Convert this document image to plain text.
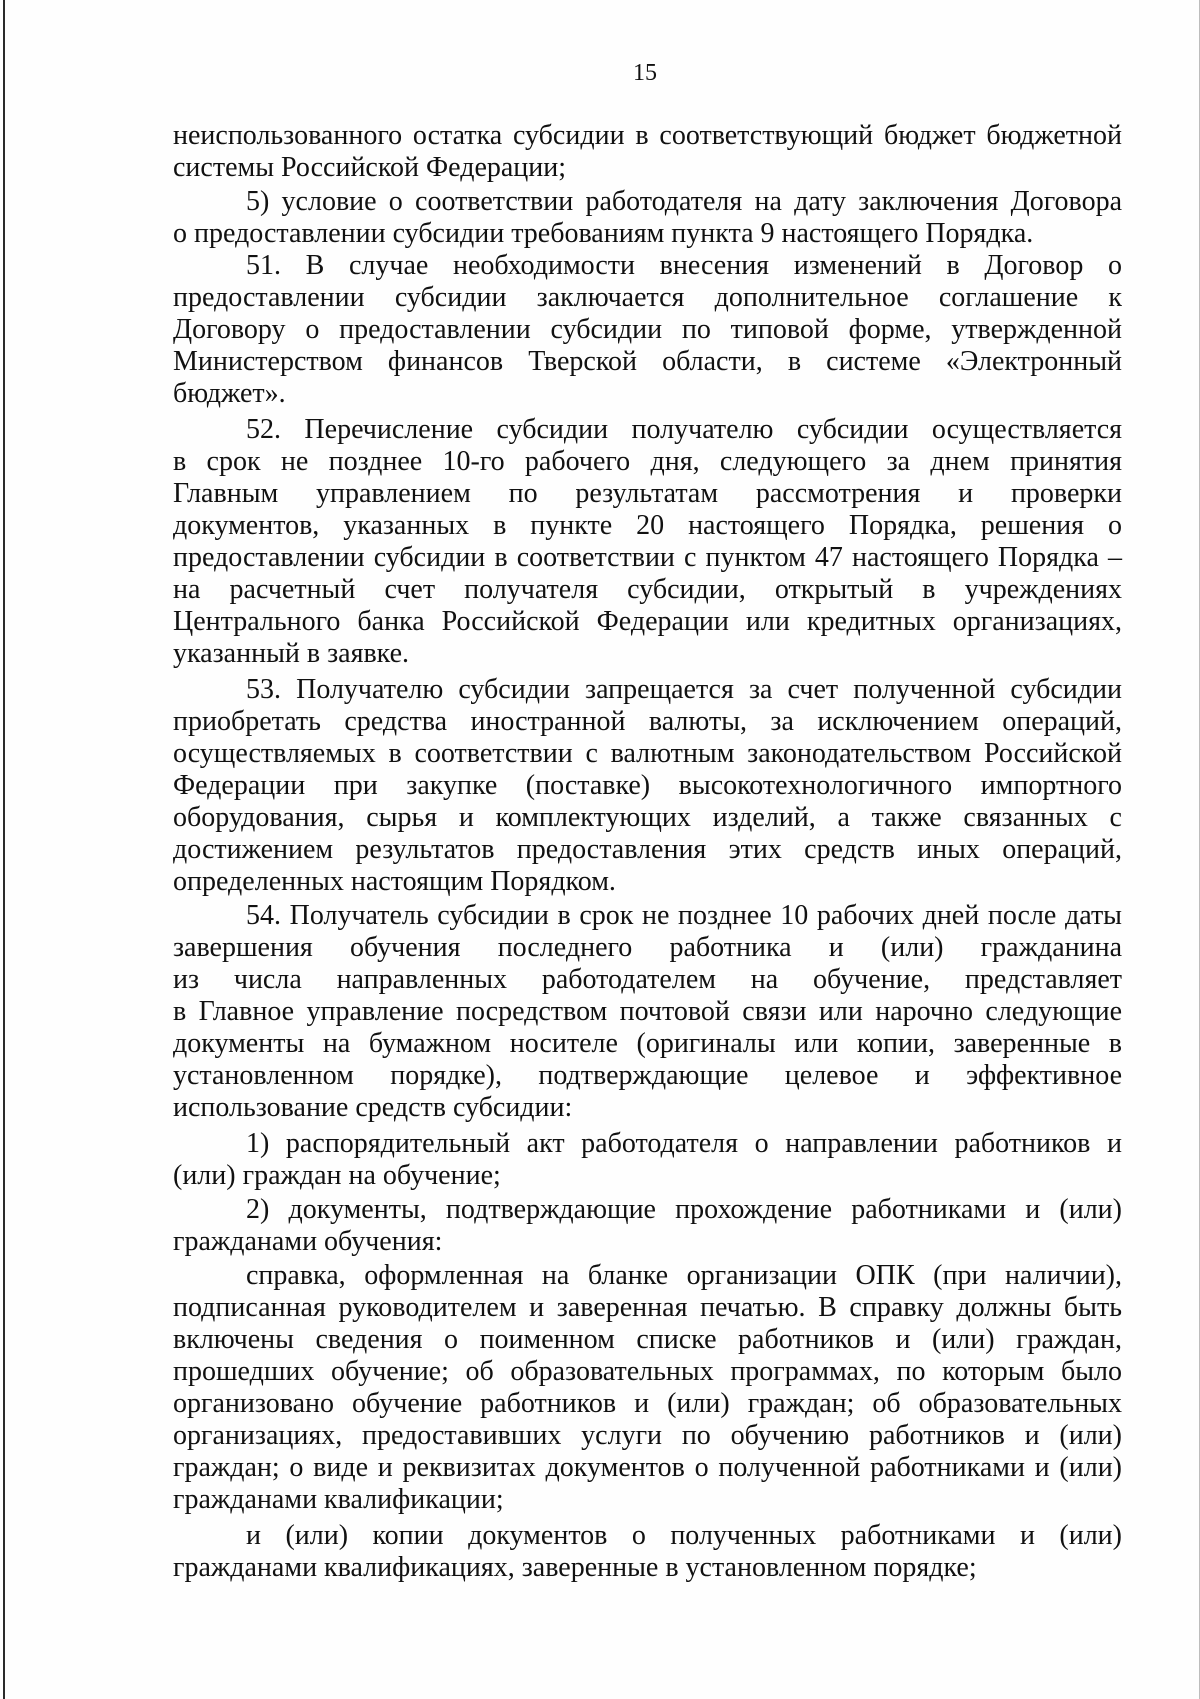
15
неиспользованного остатка субсидии в соответствующий бюджет бюджетной
системы Российской Федерации;
5) условие о соответствии работодателя на дату заключения Договора
о предоставлении субсидии требованиям пункта 9 настоящего Порядка.
51. В случае необходимости внесения изменений в Договор о
предоставлении субсидии заключается дополнительное соглашение к
Договору о предоставлении субсидии по типовой форме, утвержденной
Министерством финансов Тверской области, в системе «Электронный
бюджет».
52. Перечисление субсидии получателю субсидии осуществляется
в срок не позднее 10-го рабочего дня, следующего за днем принятия
Главным управлением по результатам рассмотрения и проверки
документов, указанных в пункте 20 настоящего Порядка, решения о
предоставлении субсидии в соответствии с пунктом 47 настоящего Порядка –
на расчетный счет получателя субсидии, открытый в учреждениях
Центрального банка Российской Федерации или кредитных организациях,
указанный в заявке.
53. Получателю субсидии запрещается за счет полученной субсидии
приобретать средства иностранной валюты, за исключением операций,
осуществляемых в соответствии с валютным законодательством Российской
Федерации при закупке (поставке) высокотехнологичного импортного
оборудования, сырья и комплектующих изделий, а также связанных с
достижением результатов предоставления этих средств иных операций,
определенных настоящим Порядком.
54. Получатель субсидии в срок не позднее 10 рабочих дней после даты
завершения обучения последнего работника и (или) гражданина
из числа направленных работодателем на обучение, представляет
в Главное управление посредством почтовой связи или нарочно следующие
документы на бумажном носителе (оригиналы или копии, заверенные в
установленном порядке), подтверждающие целевое и эффективное
использование средств субсидии:
1) распорядительный акт работодателя о направлении работников и
(или) граждан на обучение;
2) документы, подтверждающие прохождение работниками и (или)
гражданами обучения:
справка, оформленная на бланке организации ОПК (при наличии),
подписанная руководителем и заверенная печатью. В справку должны быть
включены сведения о поименном списке работников и (или) граждан,
прошедших обучение; об образовательных программах, по которым было
организовано обучение работников и (или) граждан; об образовательных
организациях, предоставивших услуги по обучению работников и (или)
граждан; о виде и реквизитах документов о полученной работниками и (или)
гражданами квалификации;
и (или) копии документов о полученных работниками и (или)
гражданами квалификациях, заверенные в установленном порядке;
